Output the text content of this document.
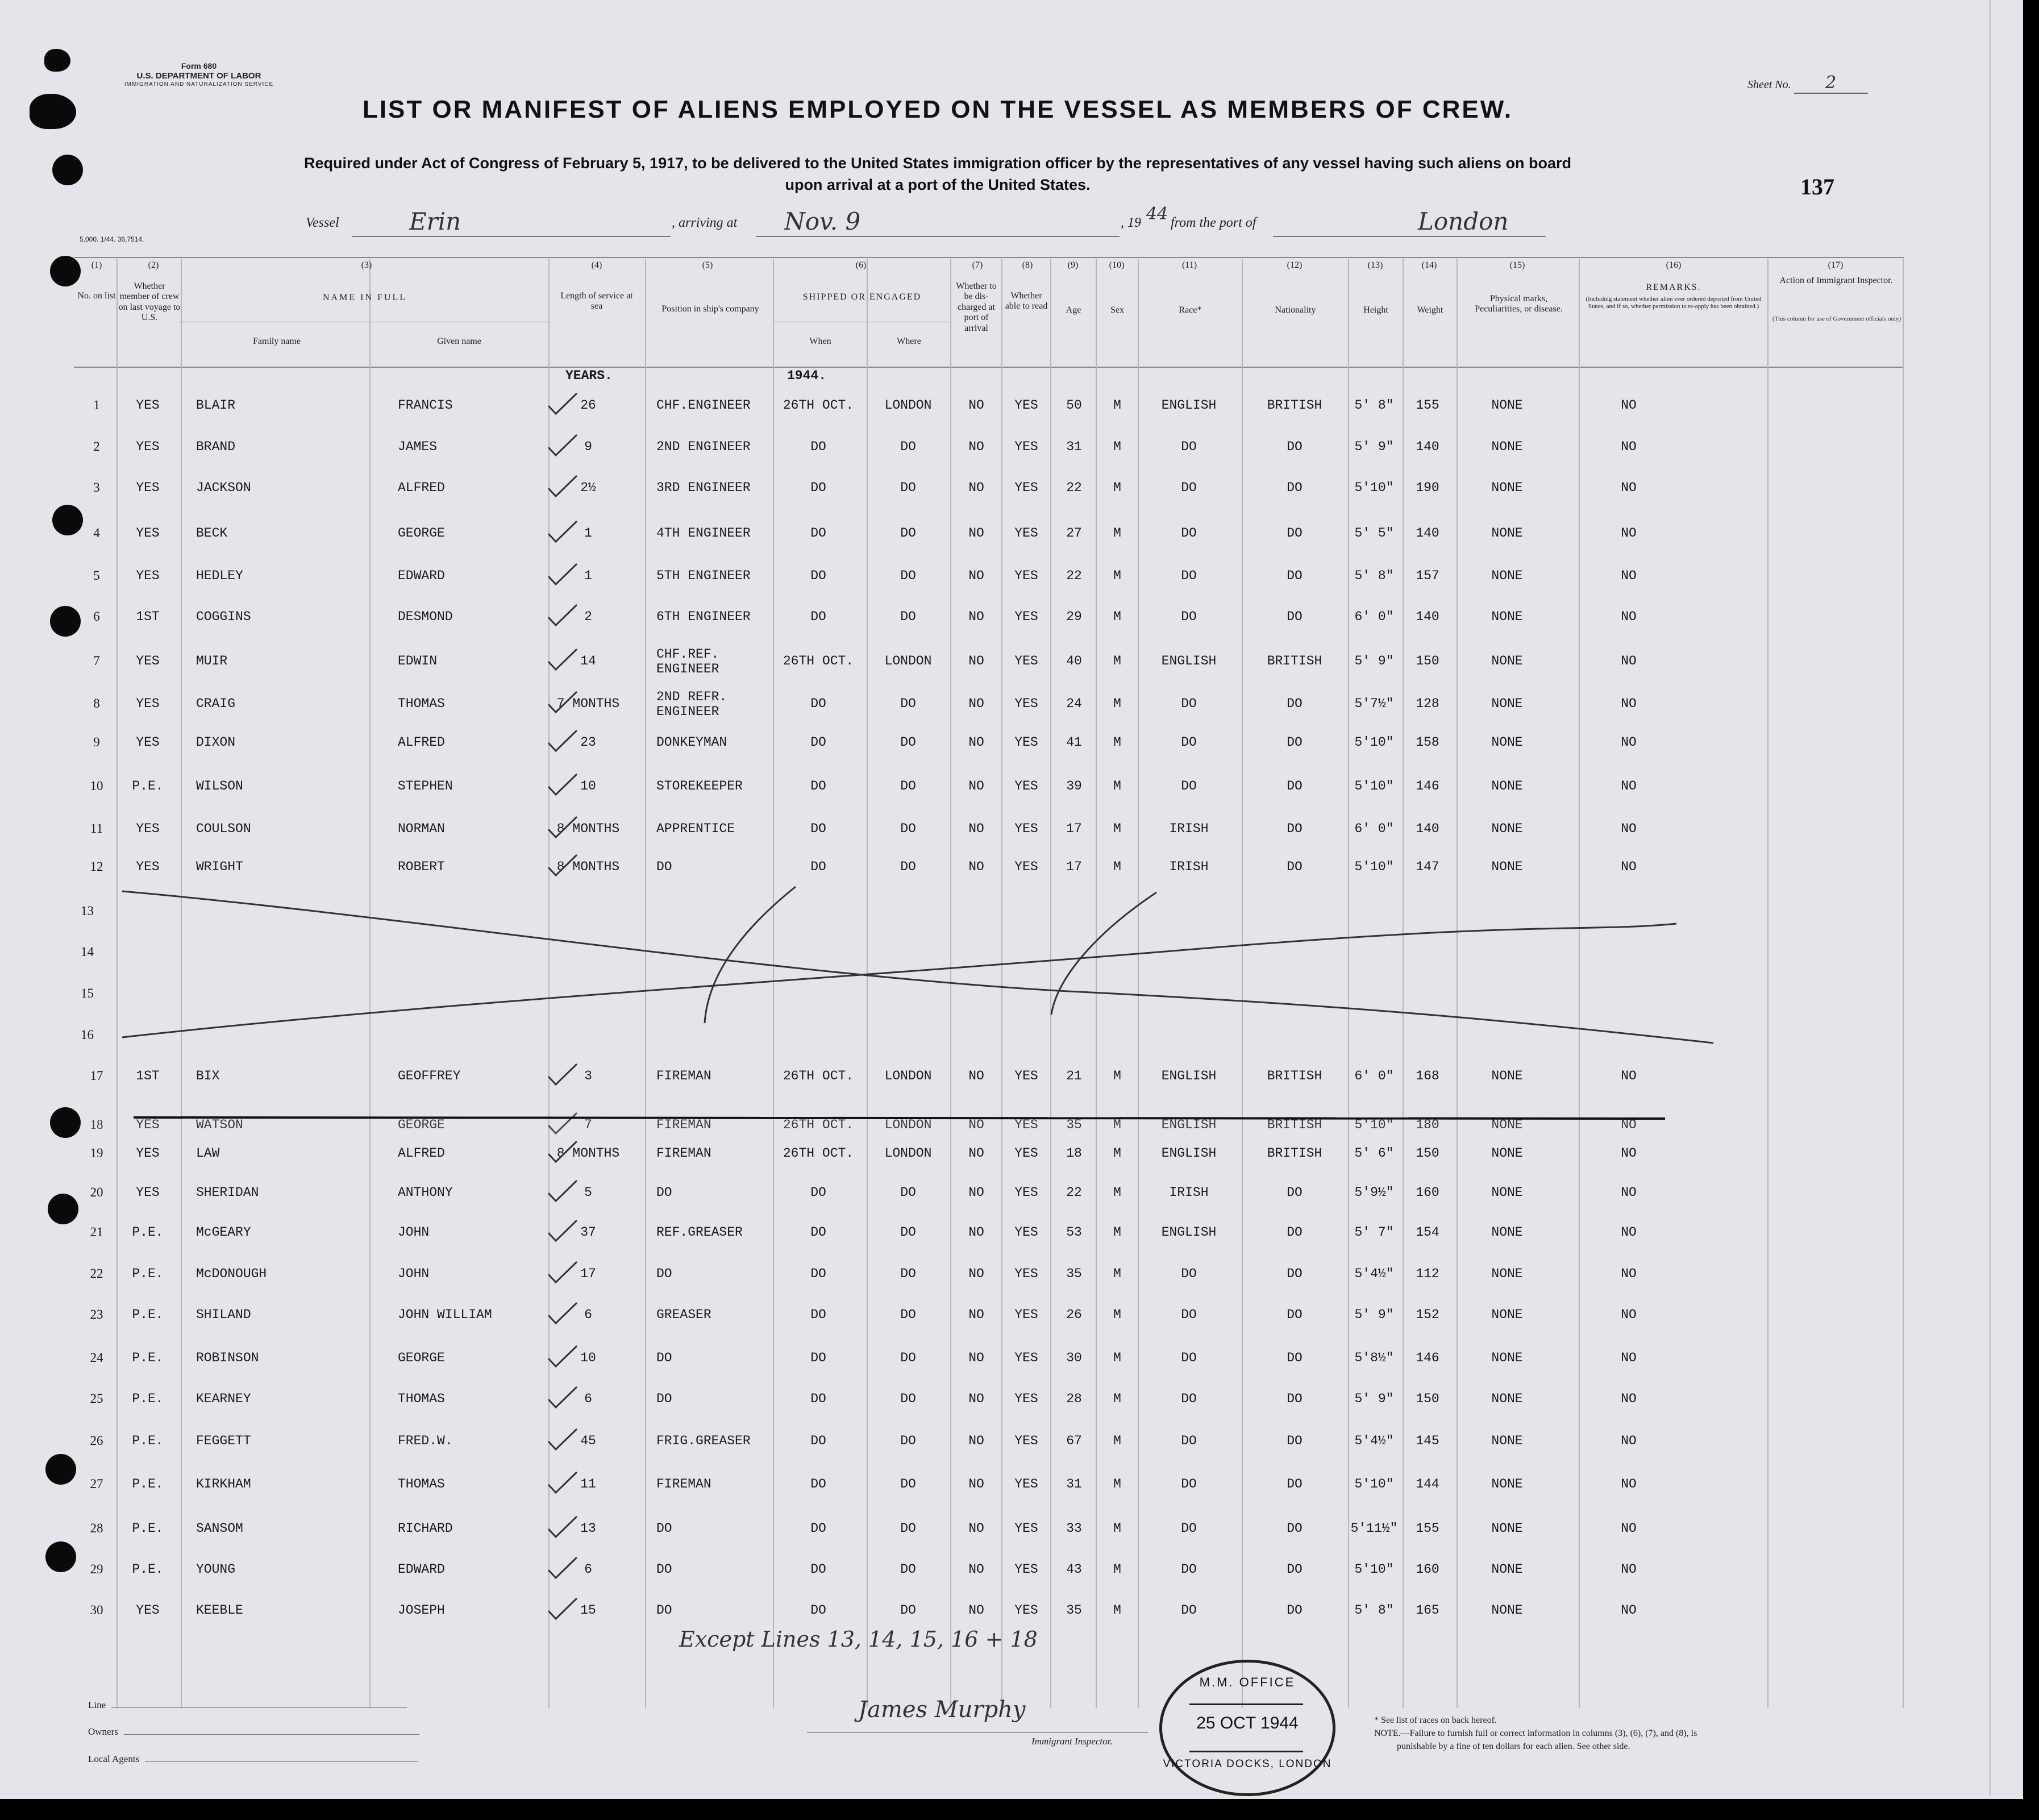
Form 680
U.S. DEPARTMENT OF LABOR
IMMIGRATION AND NATURALIZATION SERVICE
5,000. 1/44. 36,7514.
Sheet No. 2
137
LIST OR MANIFEST OF ALIENS EMPLOYED ON THE VESSEL AS MEMBERS OF CREW.
Required under Act of Congress of February 5, 1917, to be delivered to the United States immigration officer by the representatives of any vessel having such aliens on board
upon arrival at a port of the United States.
Vessel	Erin	, arriving at Nov. 9	, 19 44 from the port of	London
(1)	(2)	(3)	(4)	(5)	(6)	(7)	(8)	(9)	(10)	(11)	(12)	(13)	(14)	(15)	(16)	(17)
No. on list
Whether member of crew on last voyage to U.S.
NAME IN FULL
Family name	Given name
Length of service at sea	Position in ship's company
SHIPPED OR ENGAGED
When	Where
Whether to be dis-charged at port of arrival
Whether able to read	Age	Sex	Race*	Nationality	Height	Weight
Physical marks, Peculiarities, or disease.
REMARKS.
(Including statement whether alien ever ordered deported from United States, and if so, whether permission to re-apply has been obtained.)
Action of Immigrant Inspector.
(This column for use of Government officials only)
YEARS.	1944.
1	YES	BLAIR	FRANCIS	26	CHF.ENGINEER	26TH OCT.	LONDON	NO	YES	50	M	ENGLISH	BRITISH	5' 8"	155	NONE	NO
2	YES	BRAND	JAMES	9	2ND ENGINEER	DO	DO	NO	YES	31	M	DO	DO	5' 9"	140	NONE	NO
3	YES	JACKSON	ALFRED	2½	3RD ENGINEER	DO	DO	NO	YES	22	M	DO	DO	5'10"	190	NONE	NO
4	YES	BECK	GEORGE	1	4TH ENGINEER	DO	DO	NO	YES	27	M	DO	DO	5' 5"	140	NONE	NO
5	YES	HEDLEY	EDWARD	1	5TH ENGINEER	DO	DO	NO	YES	22	M	DO	DO	5' 8"	157	NONE	NO
6	1ST	COGGINS	DESMOND	2	6TH ENGINEER	DO	DO	NO	YES	29	M	DO	DO	6' 0"	140	NONE	NO
7	YES	MUIR	EDWIN	14	CHF.REF.	26TH OCT.	LONDON	NO	YES	40	M	ENGLISH	BRITISH	5' 9"	150	NONE	NO
ENGINEER
8	YES	CRAIG	THOMAS	7 MONTHS	2ND REFR.	DO	DO	NO	YES	24	M	DO	DO	5'7½"	128	NONE	NO
ENGINEER
9	YES	DIXON	ALFRED	23	DONKEYMAN	DO	DO	NO	YES	41	M	DO	DO	5'10"	158	NONE	NO
10	P.E.	WILSON	STEPHEN	10	STOREKEEPER	DO	DO	NO	YES	39	M	DO	DO	5'10"	146	NONE	NO
11	YES	COULSON	NORMAN	8 MONTHS	APPRENTICE	DO	DO	NO	YES	17	M	IRISH	DO	6' 0"	140	NONE	NO
12	YES	WRIGHT	ROBERT	8 MONTHS	DO	DO	DO	NO	YES	17	M	IRISH	DO	5'10"	147	NONE	NO
17	1ST	BIX	GEOFFREY	3	FIREMAN	26TH OCT.	LONDON	NO	YES	21	M	ENGLISH	BRITISH	6' 0"	168	NONE	NO
18	YES	WATSON	GEORGE	7	FIREMAN	26TH OCT.	LONDON	NO	YES	35	M	ENGLISH	BRITISH	5'10"	180	NONE	NO
19	YES	LAW	ALFRED	8 MONTHS	FIREMAN	26TH OCT.	LONDON	NO	YES	18	M	ENGLISH	BRITISH	5' 6"	150	NONE	NO
20	YES	SHERIDAN	ANTHONY	5	DO	DO	DO	NO	YES	22	M	IRISH	DO	5'9½"	160	NONE	NO
21	P.E.	McGEARY	JOHN	37	REF.GREASER	DO	DO	NO	YES	53	M	ENGLISH	DO	5' 7"	154	NONE	NO
22	P.E.	McDONOUGH	JOHN	17	DO	DO	DO	NO	YES	35	M	DO	DO	5'4½"	112	NONE	NO
23	P.E.	SHILAND	JOHN WILLIAM	6	GREASER	DO	DO	NO	YES	26	M	DO	DO	5' 9"	152	NONE	NO
24	P.E.	ROBINSON	GEORGE	10	DO	DO	DO	NO	YES	30	M	DO	DO	5'8½"	146	NONE	NO
25	P.E.	KEARNEY	THOMAS	6	DO	DO	DO	NO	YES	28	M	DO	DO	5' 9"	150	NONE	NO
26	P.E.	FEGGETT	FRED.W.	45	FRIG.GREASER	DO	DO	NO	YES	67	M	DO	DO	5'4½"	145	NONE	NO
27	P.E.	KIRKHAM	THOMAS	11	FIREMAN	DO	DO	NO	YES	31	M	DO	DO	5'10"	144	NONE	NO
28	P.E.	SANSOM	RICHARD	13	DO	DO	DO	NO	YES	33	M	DO	DO	5'11½"	155	NONE	NO
29	P.E.	YOUNG	EDWARD	6	DO	DO	DO	NO	YES	43	M	DO	DO	5'10"	160	NONE	NO
30	YES	KEEBLE	JOSEPH	15	DO	DO	DO	NO	YES	35	M	DO	DO	5' 8"	165	NONE	NO
13
14
15
16
Except Lines 13, 14, 15, 16 + 18
Line
Owners
Local Agents
James Murphy
Immigrant Inspector.
M.M. OFFICE
25 OCT 1944
VICTORIA DOCKS, LONDON
* See list of races on back hereof.
NOTE.—Failure to furnish full or correct information in columns (3), (6), (7), and (8), is
punishable by a fine of ten dollars for each alien. See other side.
